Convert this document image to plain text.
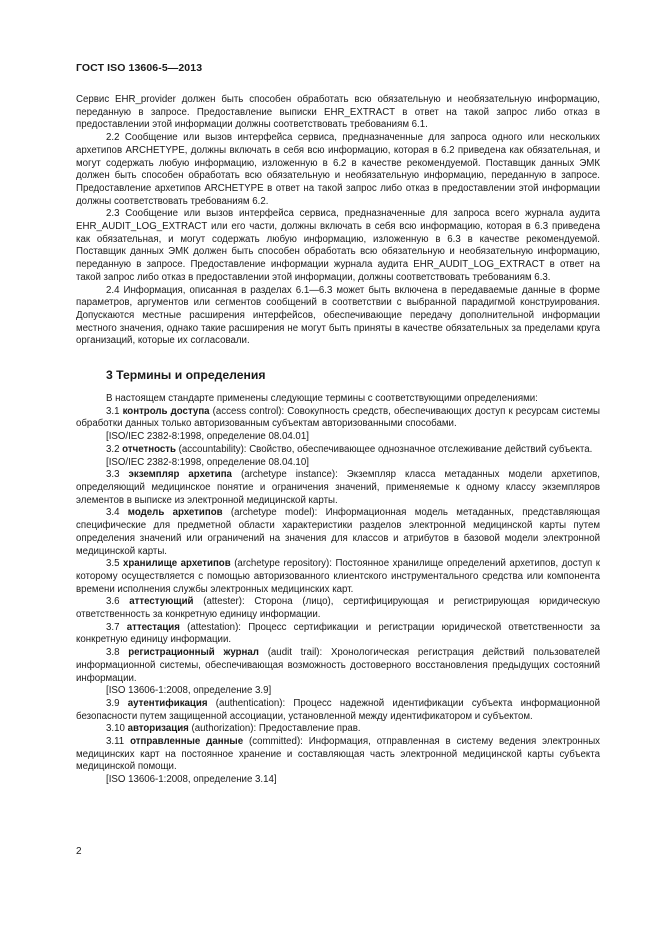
ГОСТ ISO 13606-5—2013

Сервис EHR_provider должен быть способен обработать всю обязательную и необязательную информацию, переданную в запросе. Предоставление выписки EHR_EXTRACT в ответ на такой запрос либо отказ в предоставлении этой информации должны соответствовать требованиям 6.1.

2.2 Сообщение или вызов интерфейса сервиса, предназначенные для запроса одного или нескольких архетипов ARCHETYPE, должны включать в себя всю информацию, которая в 6.2 приведена как обязательная, и могут содержать любую информацию, изложенную в 6.2 в качестве рекомендуемой. Поставщик данных ЭМК должен быть способен обработать всю обязательную и необязательную информацию, переданную в запросе. Предоставление архетипов ARCHETYPE в ответ на такой запрос либо отказ в предоставлении этой информации должны соответствовать требованиям 6.2.

2.3 Сообщение или вызов интерфейса сервиса, предназначенные для запроса всего журнала аудита EHR_AUDIT_LOG_EXTRACT или его части, должны включать в себя всю информацию, которая в 6.3 приведена как обязательная, и могут содержать любую информацию, изложенную в 6.3 в качестве рекомендуемой. Поставщик данных ЭМК должен быть способен обработать всю обязательную и необязательную информацию, переданную в запросе. Предоставление информации журнала аудита EHR_AUDIT_LOG_EXTRACT в ответ на такой запрос либо отказ в предоставлении этой информации, должны соответствовать требованиям 6.3.

2.4 Информация, описанная в разделах 6.1—6.3 может быть включена в передаваемые данные в форме параметров, аргументов или сегментов сообщений в соответствии с выбранной парадигмой конструирования. Допускаются местные расширения интерфейсов, обеспечивающие передачу дополнительной информации местного значения, однако такие расширения не могут быть приняты в качестве обязательных за пределами круга организаций, которые их согласовали.

3 Термины и определения

В настоящем стандарте применены следующие термины с соответствующими определениями:

3.1 контроль доступа (access control): Совокупность средств, обеспечивающих доступ к ресурсам системы обработки данных только авторизованным субъектам авторизованными способами.

[ISO/IEC 2382-8:1998, определение 08.04.01]

3.2 отчетность (accountability): Свойство, обеспечивающее однозначное отслеживание действий субъекта.

[ISO/IEC 2382-8:1998, определение 08.04.10]

3.3 экземпляр архетипа (archetype instance): Экземпляр класса метаданных модели архетипов, определяющий медицинское понятие и ограничения значений, применяемые к одному классу экземпляров элементов в выписке из электронной медицинской карты.

3.4 модель архетипов (archetype model): Информационная модель метаданных, представляющая специфические для предметной области характеристики разделов электронной медицинской карты путем определения значений или ограничений на значения для классов и атрибутов в базовой модели электронной медицинской карты.

3.5 хранилище архетипов (archetype repository): Постоянное хранилище определений архетипов, доступ к которому осуществляется с помощью авторизованного клиентского инструментального средства или компонента времени исполнения службы электронных медицинских карт.

3.6 аттестующий (attester): Сторона (лицо), сертифицирующая и регистрирующая юридическую ответственность за конкретную единицу информации.

3.7 аттестация (attestation): Процесс сертификации и регистрации юридической ответственности за конкретную единицу информации.

3.8 регистрационный журнал (audit trail): Хронологическая регистрация действий пользователей информационной системы, обеспечивающая возможность достоверного восстановления предыдущих состояний информации.

[ISO 13606-1:2008, определение 3.9]

3.9 аутентификация (authentication): Процесс надежной идентификации субъекта информационной безопасности путем защищенной ассоциации, установленной между идентификатором и субъектом.

3.10 авторизация (authorization): Предоставление прав.

3.11 отправленные данные (committed): Информация, отправленная в систему ведения электронных медицинских карт на постоянное хранение и составляющая часть электронной медицинской карты субъекта медицинской помощи.

[ISO 13606-1:2008, определение 3.14]

2
